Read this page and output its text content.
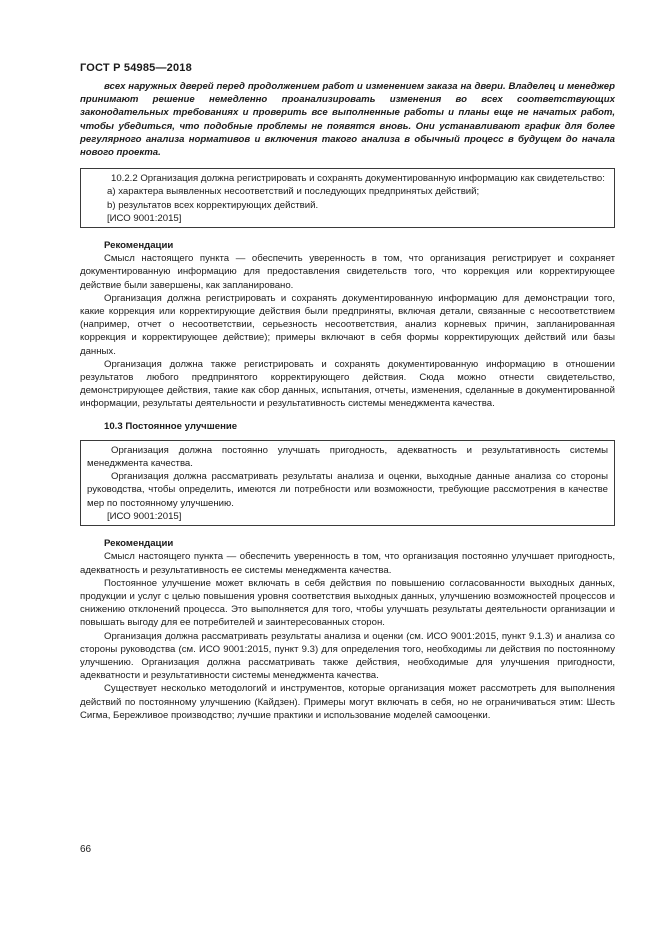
ГОСТ Р 54985—2018

всех наружных дверей перед продолжением работ и изменением заказа на двери. Владелец и менеджер принимают решение немедленно проанализировать изменения во всех соответствующих законодательных требованиях и проверить все выполненные работы и планы еще не начатых работ, чтобы убедиться, что подобные проблемы не появятся вновь. Они устанавливают график для более регулярного анализа нормативов и включения такого анализа в обычный процесс в будущем до начала нового проекта.

10.2.2 Организация должна регистрировать и сохранять документированную информацию как свидетельство:

a) характера выявленных несоответствий и последующих предпринятых действий;

b) результатов всех корректирующих действий.

[ИСО 9001:2015]

Рекомендации

Смысл настоящего пункта — обеспечить уверенность в том, что организация регистрирует и сохраняет документированную информацию для предоставления свидетельств того, что коррекция или корректирующее действие были завершены, как запланировано.

Организация должна регистрировать и сохранять документированную информацию для демонстрации того, какие коррекция или корректирующие действия были предприняты, включая детали, связанные с несоответствием (например, отчет о несоответствии, серьезность несоответствия, анализ корневых причин, запланированная коррекция и корректирующее действие); примеры включают в себя формы корректирующих действий или базы данных.

Организация должна также регистрировать и сохранять документированную информацию в отношении результатов любого предпринятого корректирующего действия. Сюда можно отнести свидетельство, демонстрирующее действия, такие как сбор данных, испытания, отчеты, изменения, сделанные в документированной информации, результаты деятельности и результативность системы менеджмента качества.

10.3 Постоянное улучшение

Организация должна постоянно улучшать пригодность, адекватность и результативность системы менеджмента качества.

Организация должна рассматривать результаты анализа и оценки, выходные данные анализа со стороны руководства, чтобы определить, имеются ли потребности или возможности, требующие рассмотрения в качестве мер по постоянному улучшению.

[ИСО 9001:2015]

Рекомендации

Смысл настоящего пункта — обеспечить уверенность в том, что организация постоянно улучшает пригодность, адекватность и результативность ее системы менеджмента качества.

Постоянное улучшение может включать в себя действия по повышению согласованности выходных данных, продукции и услуг с целью повышения уровня соответствия выходных данных, улучшению возможностей процессов и снижению отклонений процесса. Это выполняется для того, чтобы улучшать результаты деятельности организации и повышать выгоду для ее потребителей и заинтересованных сторон.

Организация должна рассматривать результаты анализа и оценки (см. ИСО 9001:2015, пункт 9.1.3) и анализа со стороны руководства (см. ИСО 9001:2015, пункт 9.3) для определения того, необходимы ли действия по постоянному улучшению. Организация должна рассматривать также действия, необходимые для улучшения пригодности, адекватности и результативности системы менеджмента качества.

Существует несколько методологий и инструментов, которые организация может рассмотреть для выполнения действий по постоянному улучшению (Кайдзен). Примеры могут включать в себя, но не ограничиваться этим: Шесть Сигма, Бережливое производство; лучшие практики и использование моделей самооценки.

66
